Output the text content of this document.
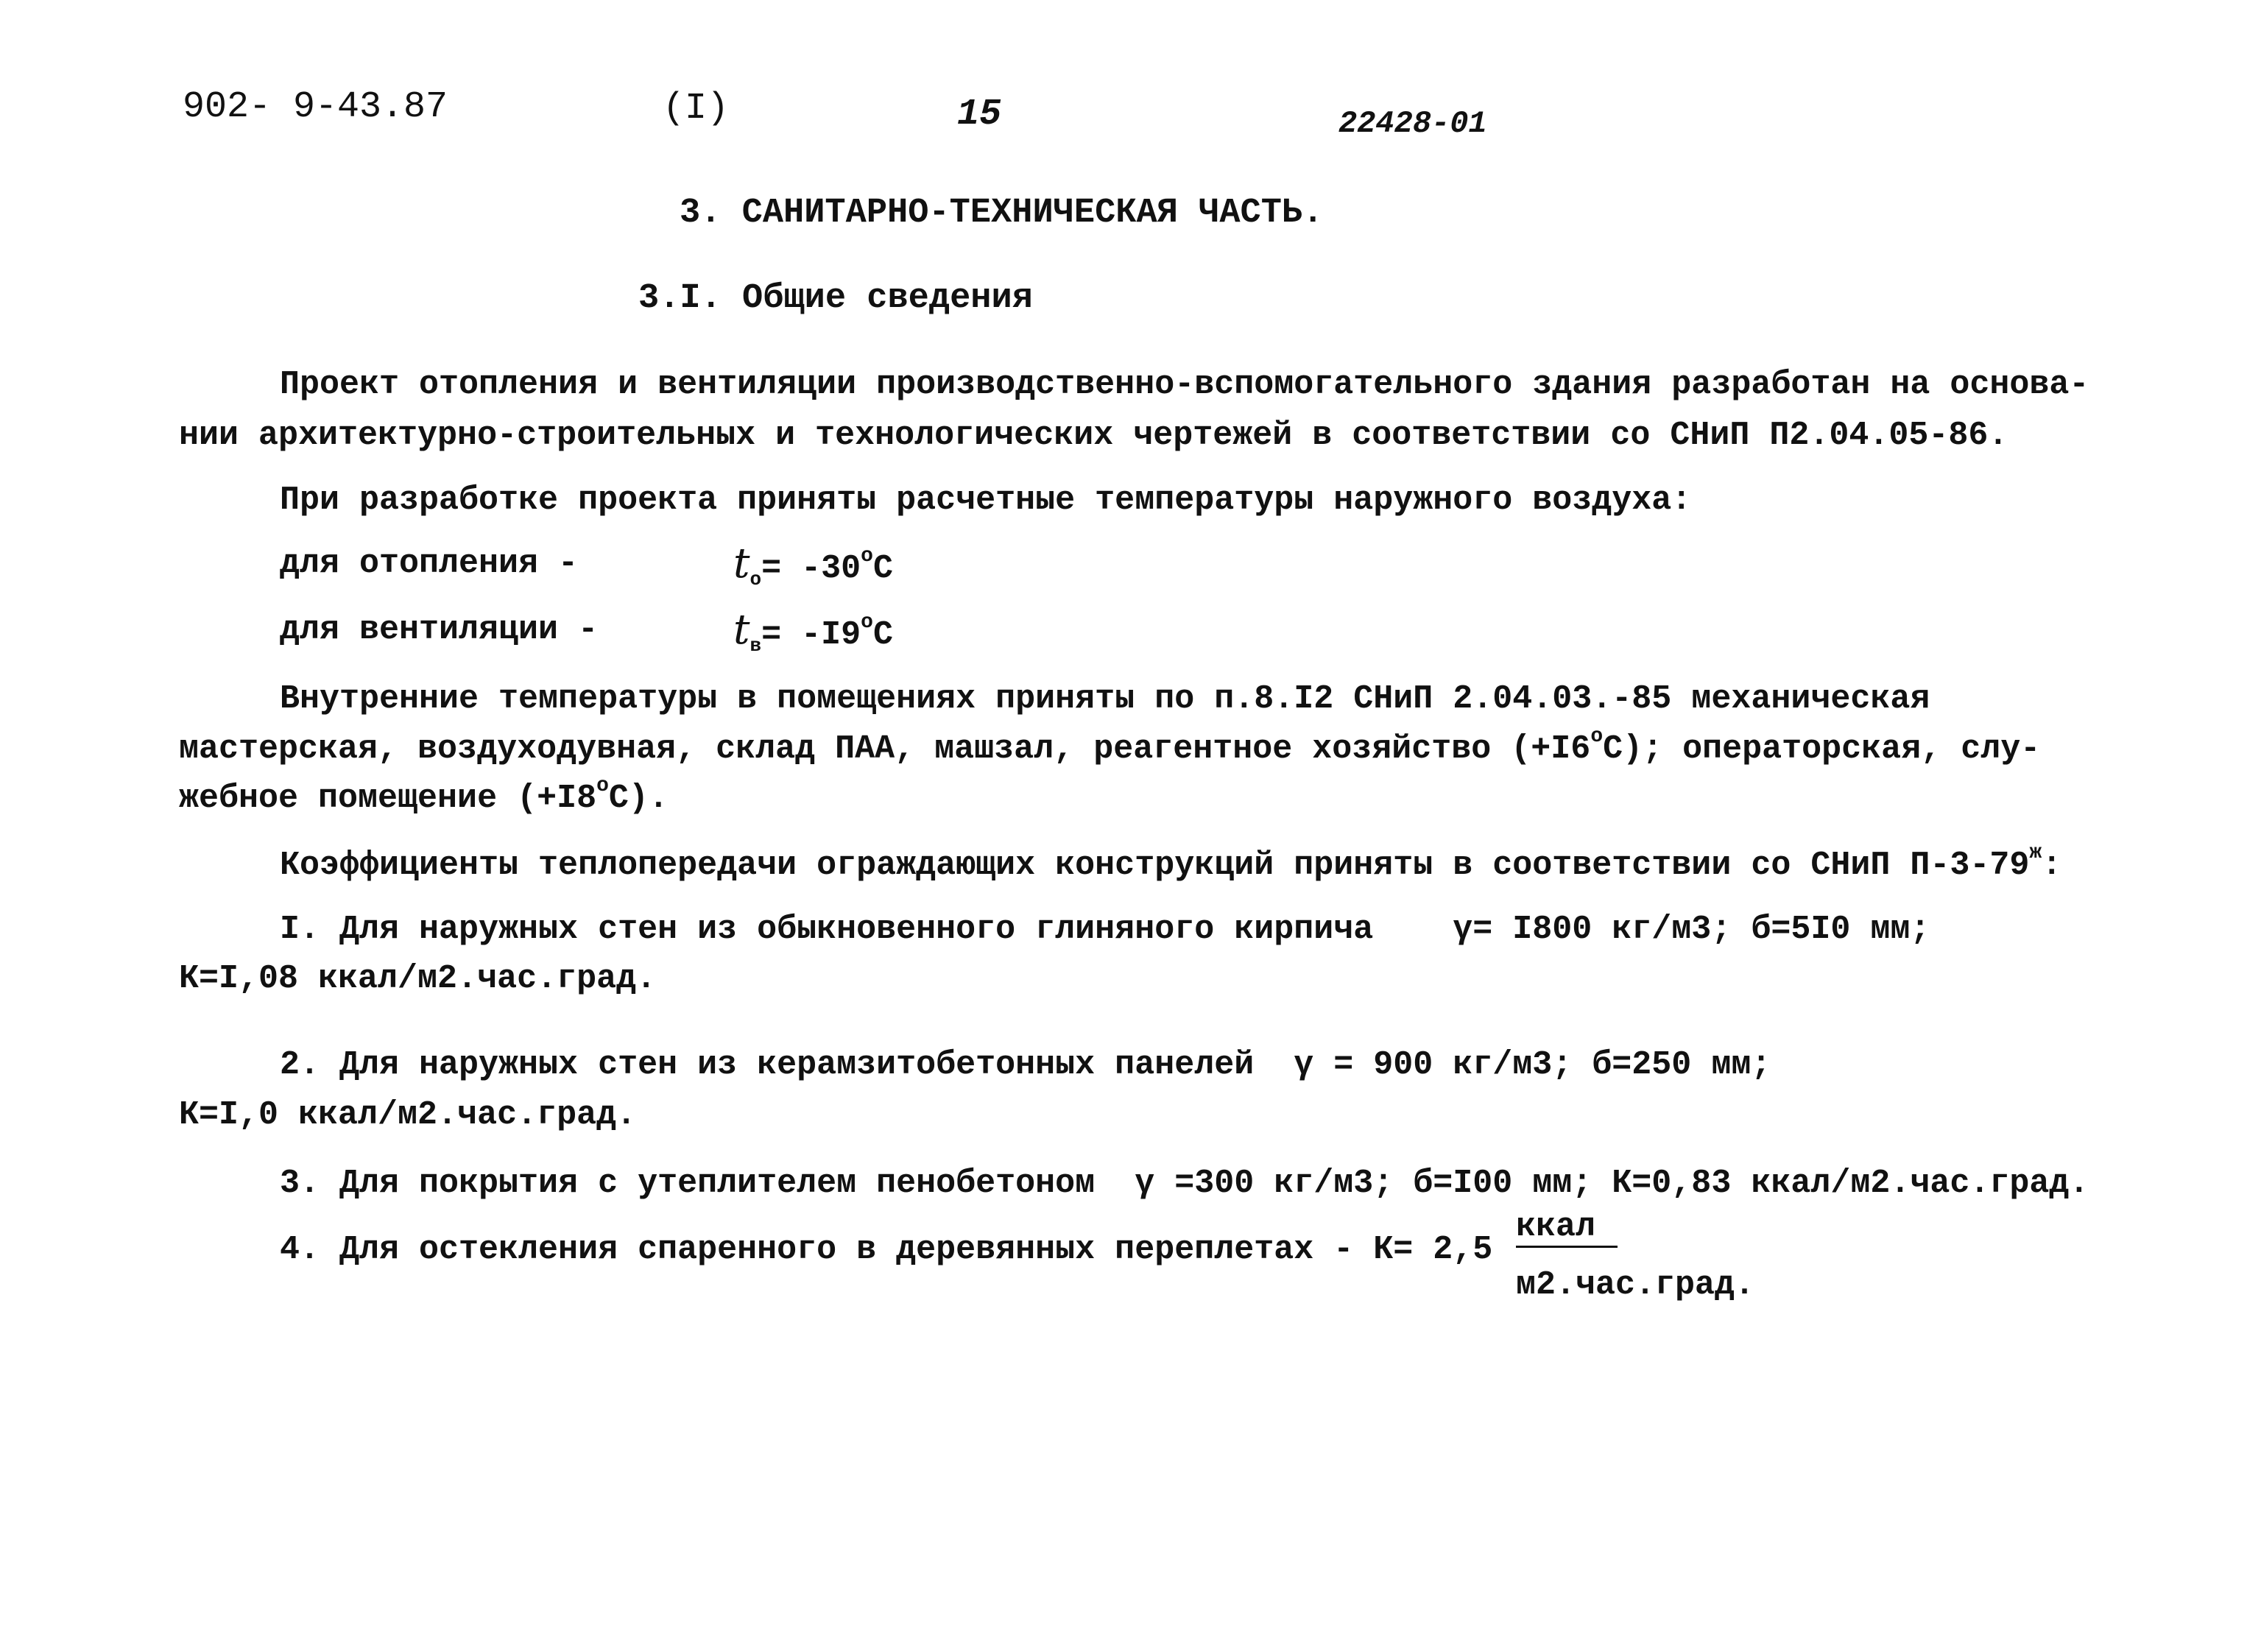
902- 9-43.87	(I)	15	22428-01
3. САНИТАРНО-ТЕХНИЧЕСКАЯ ЧАСТЬ.
3.I. Общие сведения
Проект отопления и вентиляции производственно-вспомогательного здания разработан на основа-
нии архитектурно-строительных и технологических чертежей в соответствии со СНиП П2.04.05-86.
При разработке проекта приняты расчетные температуры наружного воздуха:
для отопления -	$t_о= -30^оС$
для вентиляции -	$t_в= -I9^оС$
Внутренние температуры в помещениях приняты по п.8.I2 СНиП 2.04.03.-85 механическая
мастерская, воздуходувная, склад ПАА, машзал, реагентное хозяйство $(+I6^оС)$; операторская, слу-
жебное помещение $(+I8^оС)$.
Коэффициенты теплопередачи ограждающих конструкций приняты в соответствии со СНиП $П-3-79^ж$:
I. Для наружных стен из обыкновенного глиняного кирпича    γ= I800 кг/м3; б=5I0 мм;
К=I,08 ккал/м2.час.град.
2. Для наружных стен из керамзитобетонных панелей  γ = 900 кг/м3; б=250 мм;
К=I,0 ккал/м2.час.град.
3. Для покрытия с утеплителем пенобетоном  γ =300 кг/м3; б=I00 мм; К=0,83 ккал/м2.час.град.
4. Для остекления спаренного в деревянных переплетах - К= 2,5
ккал
м2.час.град.
